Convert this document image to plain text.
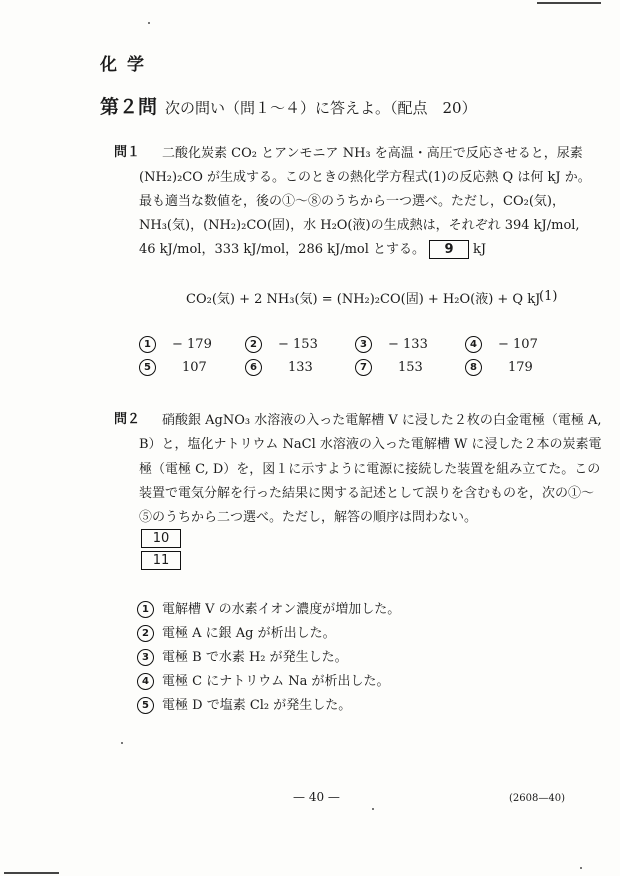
化学
第２問 次の問い（問１〜４）に答えよ。（配点　20）
問１ 二酸化炭素 CO₂ とアンモニア NH₃ を高温・高圧で反応させると，尿素
(NH₂)₂CO が生成する。このときの熱化学方程式(1)の反応熱 Q は何 kJ か。
最も適当な数値を，後の①〜⑧のうちから一つ選べ。ただし，CO₂(気)，
NH₃(気)，(NH₂)₂CO(固)，水 H₂O(液)の生成熱は，それぞれ 394 kJ/mol,
46 kJ/mol，333 kJ/mol，286 kJ/mol とする。 9 kJ
CO₂(気) + 2 NH₃(気) = (NH₂)₂CO(固) + H₂O(液) + Q kJ
(1)
1 − 179	2 − 153	3 − 133	4 − 107
5 107	6 133	7 153	8 179
問２ 硝酸銀 AgNO₃ 水溶液の入った電解槽 V に浸した２枚の白金電極（電極 A,
B）と，塩化ナトリウム NaCl 水溶液の入った電解槽 W に浸した２本の炭素電
極（電極 C, D）を，図１に示すように電源に接続した装置を組み立てた。この
装置で電気分解を行った結果に関する記述として誤りを含むものを，次の①〜
⑤のうちから二つ選べ。ただし，解答の順序は問わない。
10
11
1 電解槽 V の水素イオン濃度が増加した。
2 電極 A に銀 Ag が析出した。
3 電極 B で水素 H₂ が発生した。
4 電極 C にナトリウム Na が析出した。
5 電極 D で塩素 Cl₂ が発生した。
— 40 —	(2608—40)
